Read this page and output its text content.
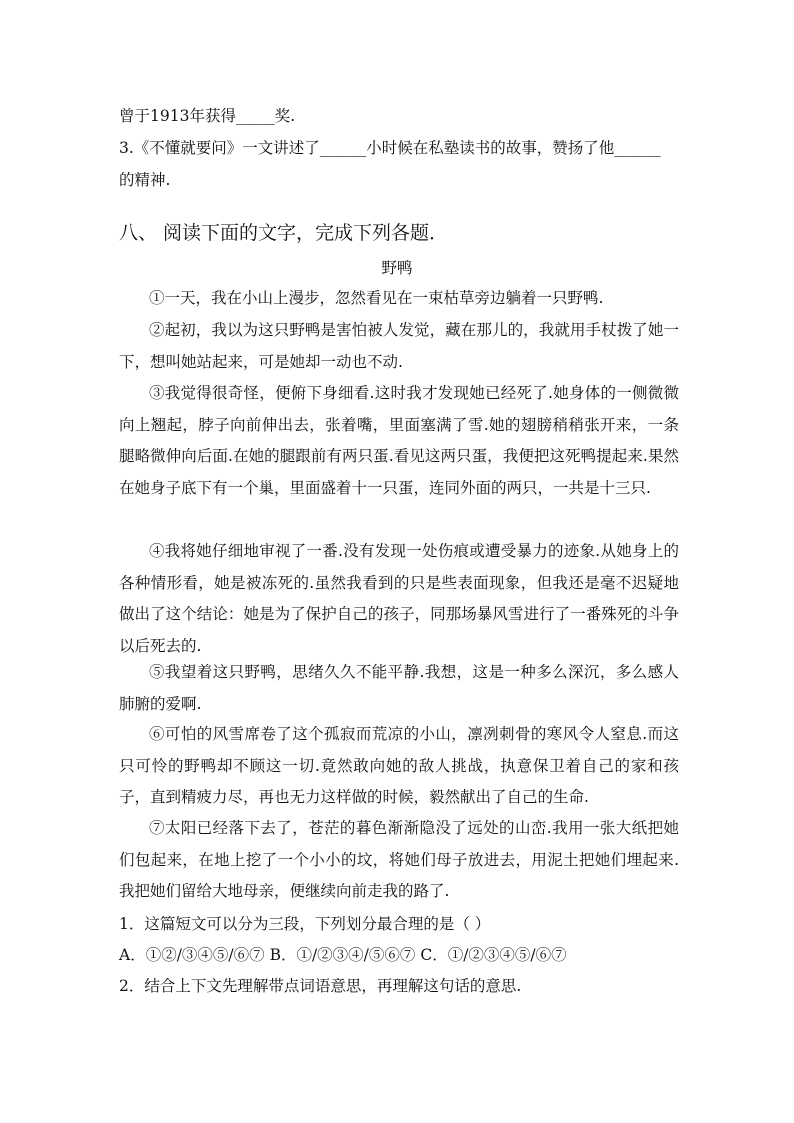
曾于1913年获得_____奖.
3.《不懂就要问》一文讲述了______小时候在私塾读书的故事，赞扬了他______
的精神.
八、 阅读下面的文字，完成下列各题．
野鸭
①一天，我在小山上漫步，忽然看见在一束枯草旁边躺着一只野鸭.
②起初，我以为这只野鸭是害怕被人发觉，藏在那儿的，我就用手杖拨了她一下，想叫她站起来，可是她却一动也不动.
③我觉得很奇怪，便俯下身细看.这时我才发现她已经死了.她身体的一侧微微向上翘起，脖子向前伸出去，张着嘴，里面塞满了雪.她的翅膀稍稍张开来，一条腿略微伸向后面.在她的腿跟前有两只蛋.看见这两只蛋，我便把这死鸭提起来.果然在她身子底下有一个巢，里面盛着十一只蛋，连同外面的两只，一共是十三只.
④我将她仔细地审视了一番.没有发现一处伤痕或遭受暴力的迹象.从她身上的各种情形看，她是被冻死的.虽然我看到的只是些表面现象，但我还是毫不迟疑地做出了这个结论：她是为了保护自己的孩子，同那场暴风雪进行了一番殊死的斗争以后死去的.
⑤我望着这只野鸭，思绪久久不能平静.我想，这是一种多么深沉，多么感人肺腑的爱啊.
⑥可怕的风雪席卷了这个孤寂而荒凉的小山，凛冽刺骨的寒风令人窒息.而这只可怜的野鸭却不顾这一切.竟然敢向她的敌人挑战，执意保卫着自己的家和孩子，直到精疲力尽，再也无力这样做的时候，毅然献出了自己的生命.
⑦太阳已经落下去了，苍茫的暮色渐渐隐没了远处的山峦.我用一张大纸把她们包起来，在地上挖了一个小小的坟，将她们母子放进去，用泥土把她们埋起来.我把她们留给大地母亲，便继续向前走我的路了.
1．这篇短文可以分为三段，下列划分最合理的是（ ）
A．①②/③④⑤/⑥⑦ B．①/②③④/⑤⑥⑦ C．①/②③④⑤/⑥⑦
2．结合上下文先理解带点词语意思，再理解这句话的意思.
